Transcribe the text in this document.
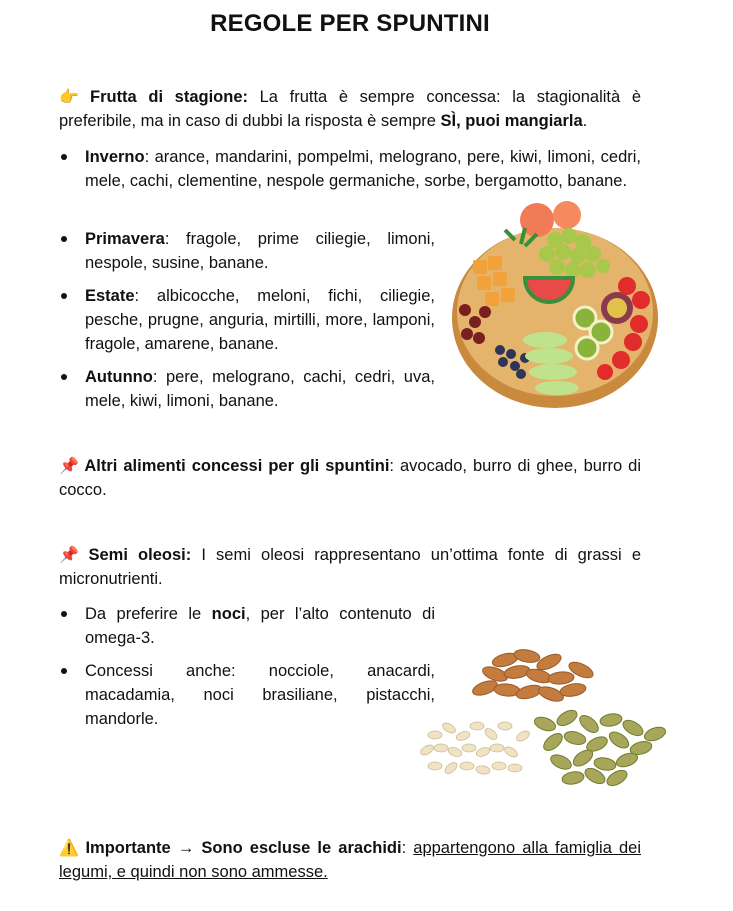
REGOLE PER SPUNTINI

👉 Frutta di stagione: La frutta è sempre concessa: la stagionalità è preferibile, ma in caso di dubbi la risposta è sempre SÌ, puoi mangiarla.

Inverno: arance, mandarini, pompelmi, melograno, pere, kiwi, limoni, cedri, mele, cachi, clementine, nespole germaniche, sorbe, bergamotto, banane.
Primavera: fragole, prime ciliegie, limoni, nespole, susine, banane.
Estate: albicocche, meloni, fichi, ciliegie, pesche, prugne, anguria, mirtilli, more, lamponi, fragole, amarene, banane.
Autunno: pere, melograno, cachi, cedri, uva, mele, kiwi, limoni, banane.

📌 Altri alimenti concessi per gli spuntini: avocado, burro di ghee, burro di cocco.

📌 Semi oleosi: I semi oleosi rappresentano un’ottima fonte di grassi e micronutrienti.

Da preferire le noci, per l’alto contenuto di omega-3.
Concessi anche: nocciole, anacardi, macadamia, noci brasiliane, pistacchi, mandorle.

⚠️ Importante → Sono escluse le arachidi: appartengono alla famiglia dei legumi, e quindi non sono ammesse.
